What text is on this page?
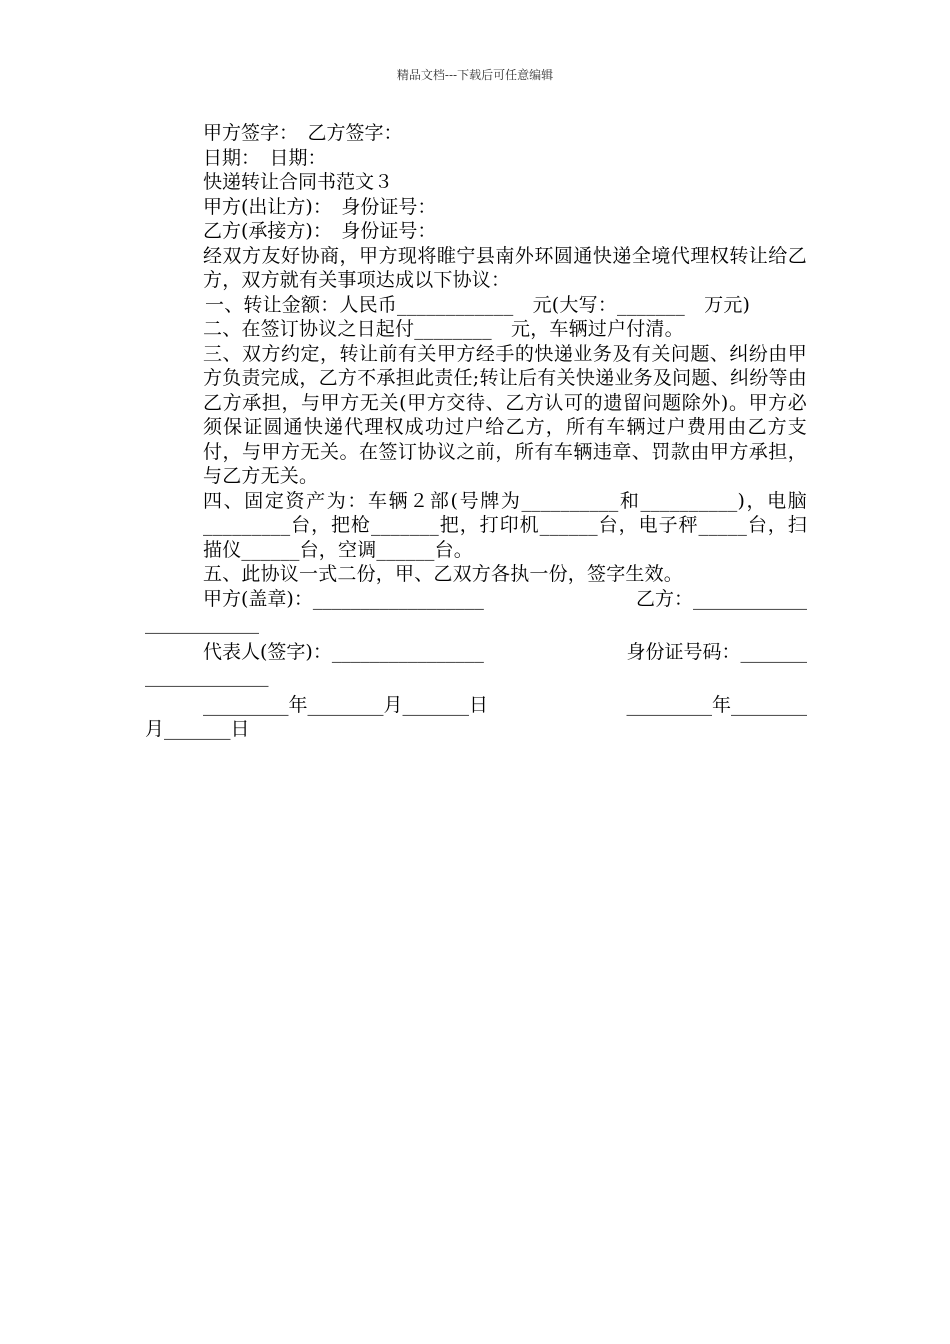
精品文档---下载后可任意编辑

甲方签字：　乙方签字：

日期：　日期：

快递转让合同书范文３

甲方(出让方)：　身份证号：

乙方(承接方)：　身份证号：

经双方友好协商，甲方现将睢宁县南外环圆通快递全境代理权转让给乙方，双方就有关事项达成以下协议：

一、转让金额：人民币____________　元(大写：_______　万元)

二、在签订协议之日起付________　元，车辆过户付清。

三、双方约定，转让前有关甲方经手的快递业务及有关问题、纠纷由甲方负责完成，乙方不承担此责任;转让后有关快递业务及问题、纠纷等由乙方承担，与甲方无关(甲方交待、乙方认可的遗留问题除外)。甲方必须保证圆通快递代理权成功过户给乙方，所有车辆过户费用由乙方支付，与甲方无关。在签订协议之前，所有车辆违章、罚款由甲方承担，与乙方无关。

四、固定资产为：车辆２部(号牌为__________和__________)，电脑_________台，把枪_______把，打印机______台，电子秤_____台，扫描仪______台，空调______台。

五、此协议一式二份，甲、乙双方各执一份，签字生效。

甲方(盖章)：__________________	乙方：____________

____________

代表人(签字)：________________	身份证号码：_______

_____________

_________年________月_______日	_________年________

月_______日
